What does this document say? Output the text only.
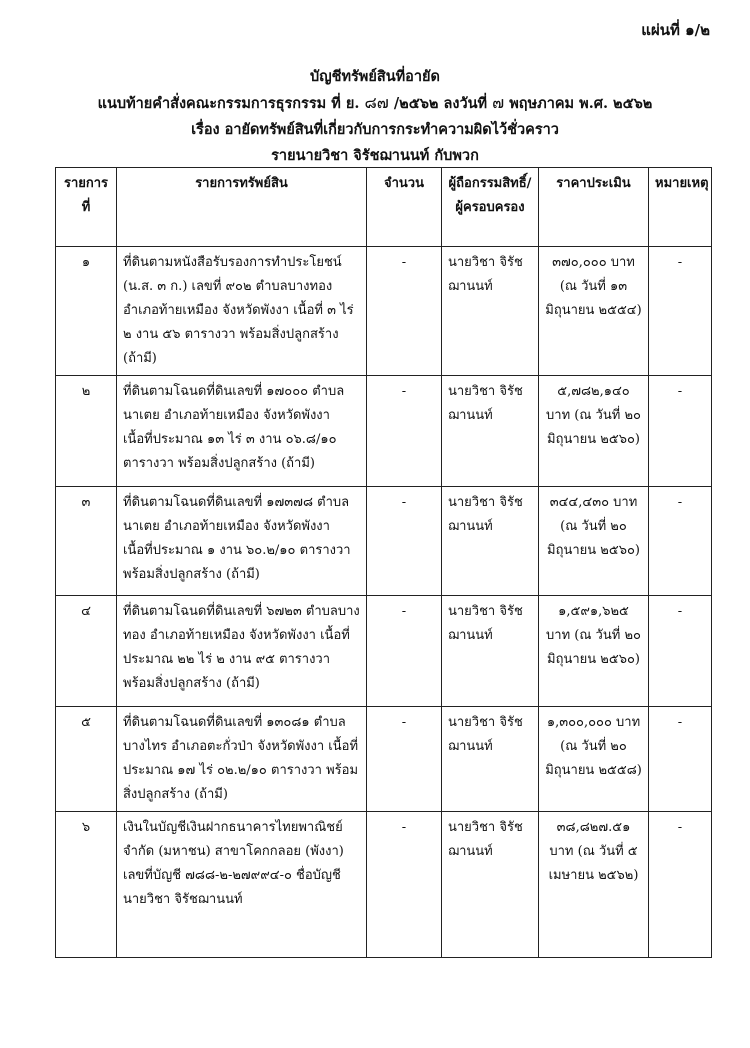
แผ่นที่ ๑/๒
บัญชีทรัพย์สินที่อายัด
แนบท้ายคำสั่งคณะกรรมการธุรกรรม ที่ ย. ๘๗ /๒๕๖๒ ลงวันที่ ๗ พฤษภาคม พ.ศ. ๒๕๖๒
เรื่อง อายัดทรัพย์สินที่เกี่ยวกับการกระทำความผิดไว้ชั่วคราว
รายนายวิชา จิรัชฌานนท์ กับพวก
รายการที่	รายการทรัพย์สิน	จำนวน	ผู้ถือกรรมสิทธิ์/ผู้ครอบครอง	ราคาประเมิน	หมายเหตุ
๑	ที่ดินตามหนังสือรับรองการทำประโยชน์ (น.ส. ๓ ก.) เลขที่ ๙๐๒ ตำบลบางทอง อำเภอท้ายเหมือง จังหวัดพังงา เนื้อที่ ๓ ไร่ ๒ งาน ๕๖ ตารางวา พร้อมสิ่งปลูกสร้าง (ถ้ามี)	-	นายวิชา จิรัชฌานนท์	๓๗๐,๐๐๐ บาท (ณ วันที่ ๑๓ มิถุนายน ๒๕๕๔)	-
๒	ที่ดินตามโฉนดที่ดินเลขที่ ๑๗๐๐๐ ตำบลนาเตย อำเภอท้ายเหมือง จังหวัดพังงา เนื้อที่ประมาณ ๑๓ ไร่ ๓ งาน ๐๖.๘/๑๐ ตารางวา พร้อมสิ่งปลูกสร้าง (ถ้ามี)	-	นายวิชา จิรัชฌานนท์	๕,๗๘๒,๑๔๐ บาท (ณ วันที่ ๒๐ มิถุนายน ๒๕๖๐)	-
๓	ที่ดินตามโฉนดที่ดินเลขที่ ๑๗๓๗๘ ตำบลนาเตย อำเภอท้ายเหมือง จังหวัดพังงา เนื้อที่ประมาณ ๑ งาน ๖๐.๒/๑๐ ตารางวา พร้อมสิ่งปลูกสร้าง (ถ้ามี)	-	นายวิชา จิรัชฌานนท์	๓๔๔,๔๓๐ บาท (ณ วันที่ ๒๐ มิถุนายน ๒๕๖๐)	-
๔	ที่ดินตามโฉนดที่ดินเลขที่ ๖๗๒๓ ตำบลบางทอง อำเภอท้ายเหมือง จังหวัดพังงา เนื้อที่ประมาณ ๒๒ ไร่ ๒ งาน ๙๕ ตารางวา พร้อมสิ่งปลูกสร้าง (ถ้ามี)	-	นายวิชา จิรัชฌานนท์	๑,๕๙๑,๖๒๕ บาท (ณ วันที่ ๒๐ มิถุนายน ๒๕๖๐)	-
๕	ที่ดินตามโฉนดที่ดินเลขที่ ๑๓๐๘๑ ตำบลบางไทร อำเภอตะกั่วป่า จังหวัดพังงา เนื้อที่ประมาณ ๑๗ ไร่ ๐๒.๒/๑๐ ตารางวา พร้อมสิ่งปลูกสร้าง (ถ้ามี)	-	นายวิชา จิรัชฌานนท์	๑,๓๐๐,๐๐๐ บาท (ณ วันที่ ๒๐ มิถุนายน ๒๕๕๘)	-
๖	เงินในบัญชีเงินฝากธนาคารไทยพาณิชย์ จำกัด (มหาชน) สาขาโคกกลอย (พังงา) เลขที่บัญชี ๗๘๘-๒-๒๗๙๙๔-๐ ชื่อบัญชี นายวิชา จิรัชฌานนท์	-	นายวิชา จิรัชฌานนท์	๓๘,๘๒๗.๕๑ บาท (ณ วันที่ ๕ เมษายน ๒๕๖๒)	-
